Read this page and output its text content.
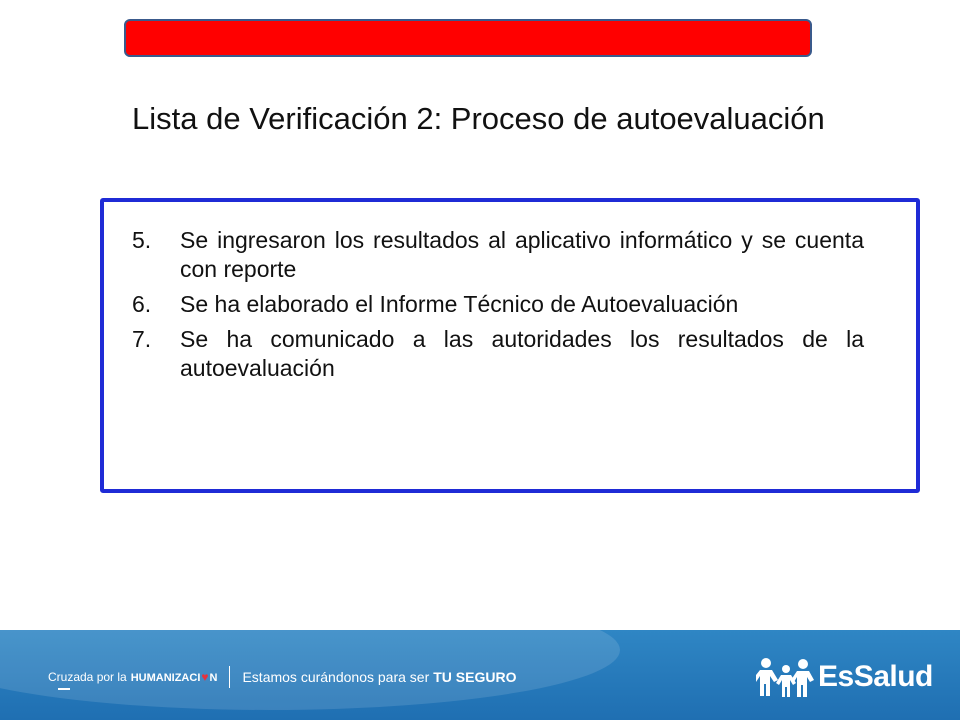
Lista de Verificación 2: Proceso de autoevaluación
5. Se ingresaron los resultados al aplicativo informático y se cuenta con reporte
6. Se ha elaborado el Informe Técnico de Autoevaluación
7. Se ha comunicado a las autoridades los resultados de la autoevaluación
Cruzada por la HUMANIZACI♥N Estamos curándonos para ser TU SEGURO	EsSalud
